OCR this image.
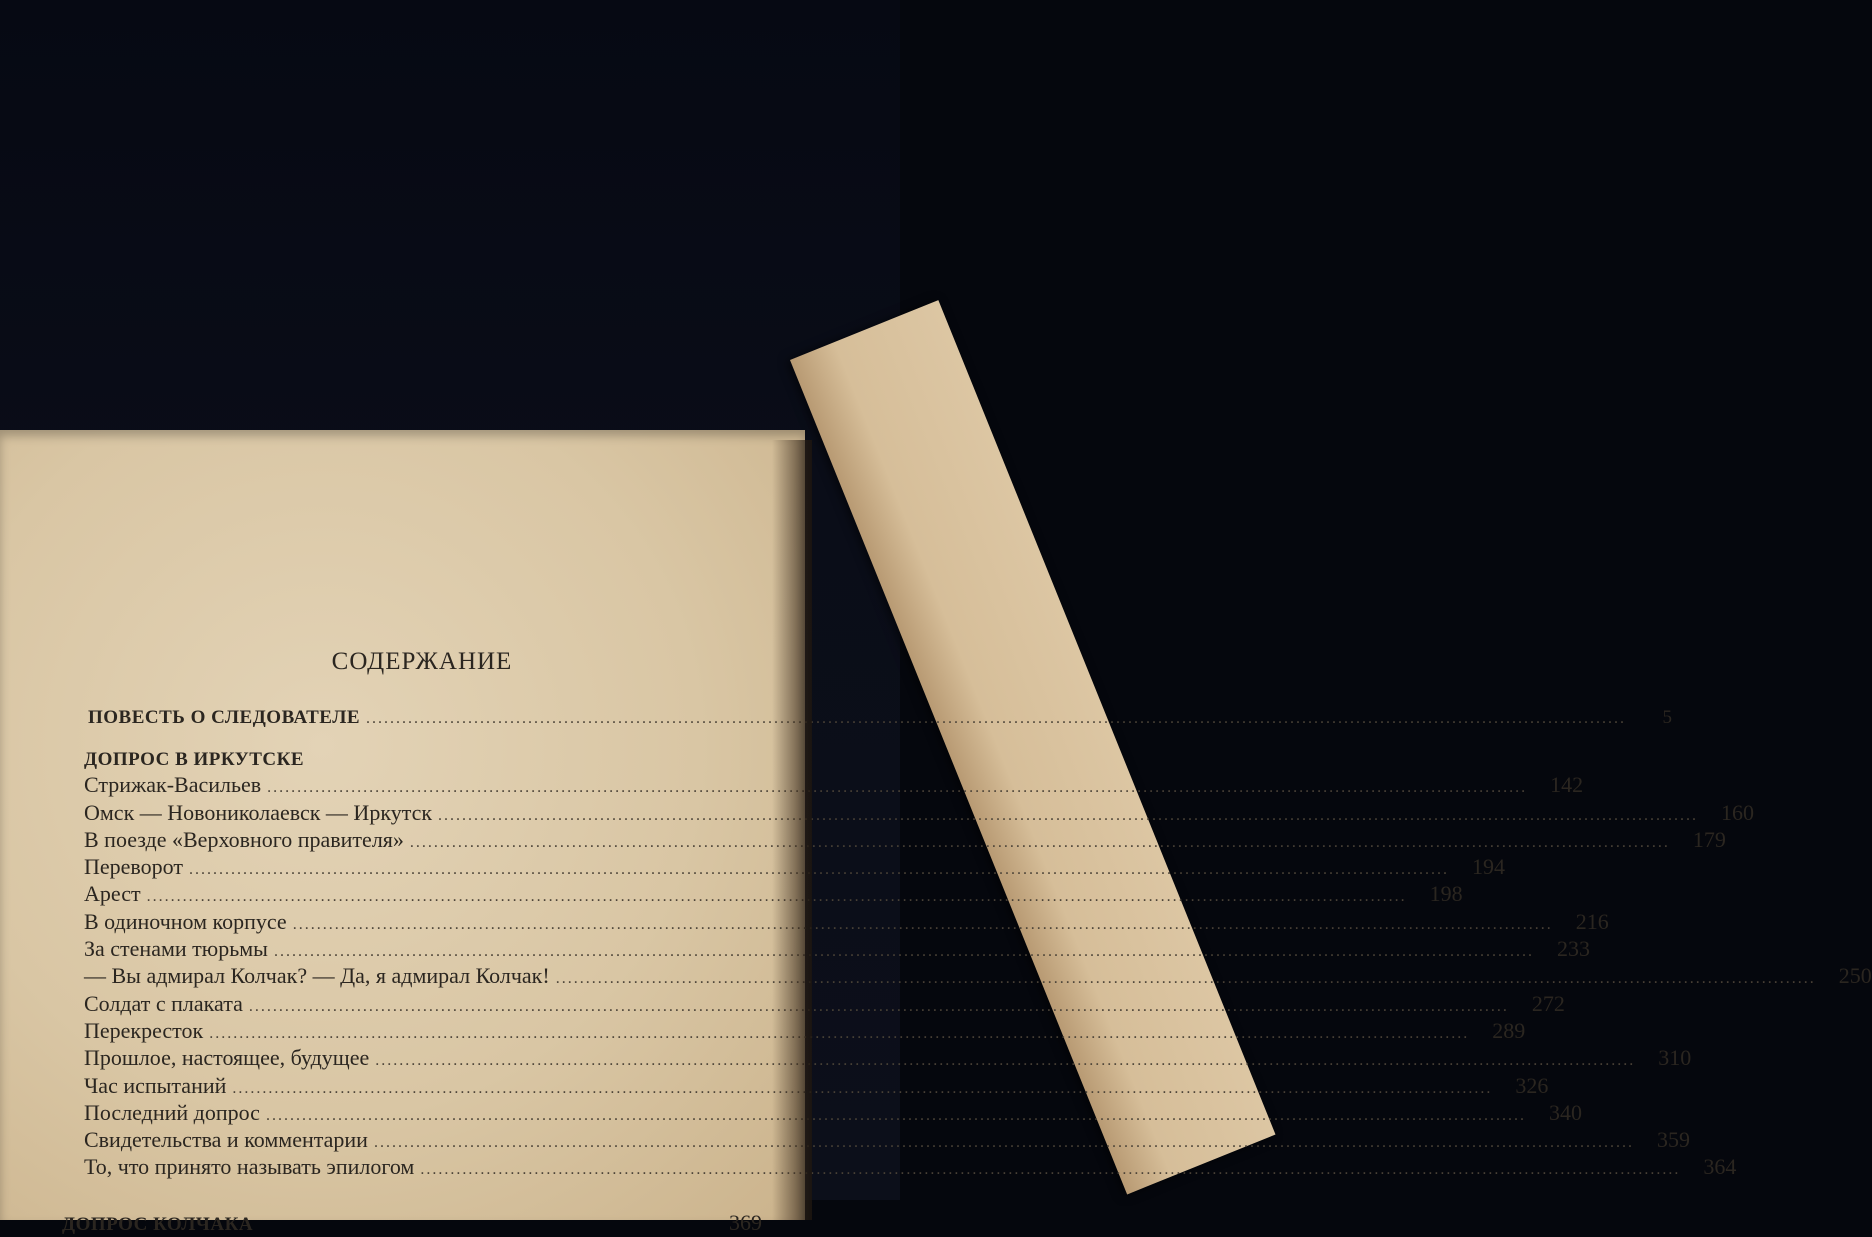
СОДЕРЖАНИЕ
ПОВЕСТЬ О СЛЕДОВАТЕЛЕ .....	5
ДОПРОС В ИРКУТСКЕ
Стрижак-Васильев .....	142
Омск — Новониколаевск — Иркутск .....	160
В поезде «Верховного правителя» .....	179
Переворот .....	194
Арест .....	198
В одиночном корпусе .....	216
За стенами тюрьмы .....	233
— Вы адмирал Колчак? — Да, я адмирал Колчак! .....	250
Солдат с плаката .....	272
Перекресток .....	289
Прошлое, настоящее, будущее .....	310
Час испытаний .....	326
Последний допрос .....	340
Свидетельства и комментарии .....	359
То, что принято называть эпилогом .....	364
ДОПРОС КОЛЧАКА	369
